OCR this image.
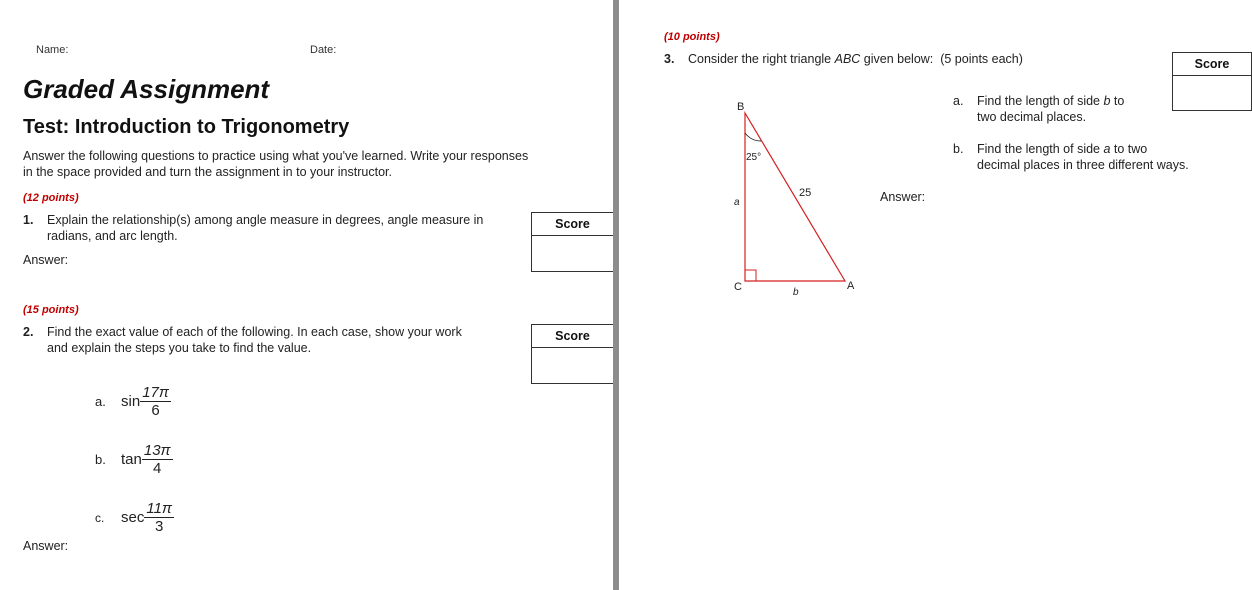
Name:	Date:
Graded Assignment
Test: Introduction to Trigonometry
Answer the following questions to practice using what you've learned. Write your responses
in the space provided and turn the assignment in to your instructor.
(12 points)
1. Explain the relationship(s) among angle measure in degrees, angle measure in
radians, and arc length.
Answer:
Score
(15 points)
2. Find the exact value of each of the following. In each case, show your work
and explain the steps you take to find the value.
Score
a. $\sin \frac{17\pi}{6}$
b. $\tan \frac{13\pi}{4}$
c. $\sec \frac{11\pi}{3}$
Answer:
(10 points)
3. Consider the right triangle ABC given below:  (5 points each)	Score
a. Find the length of side b to
two decimal places.
b. Find the length of side a to two
decimal places in three different ways.
Answer:
B
25°
a
25
C	b
A
